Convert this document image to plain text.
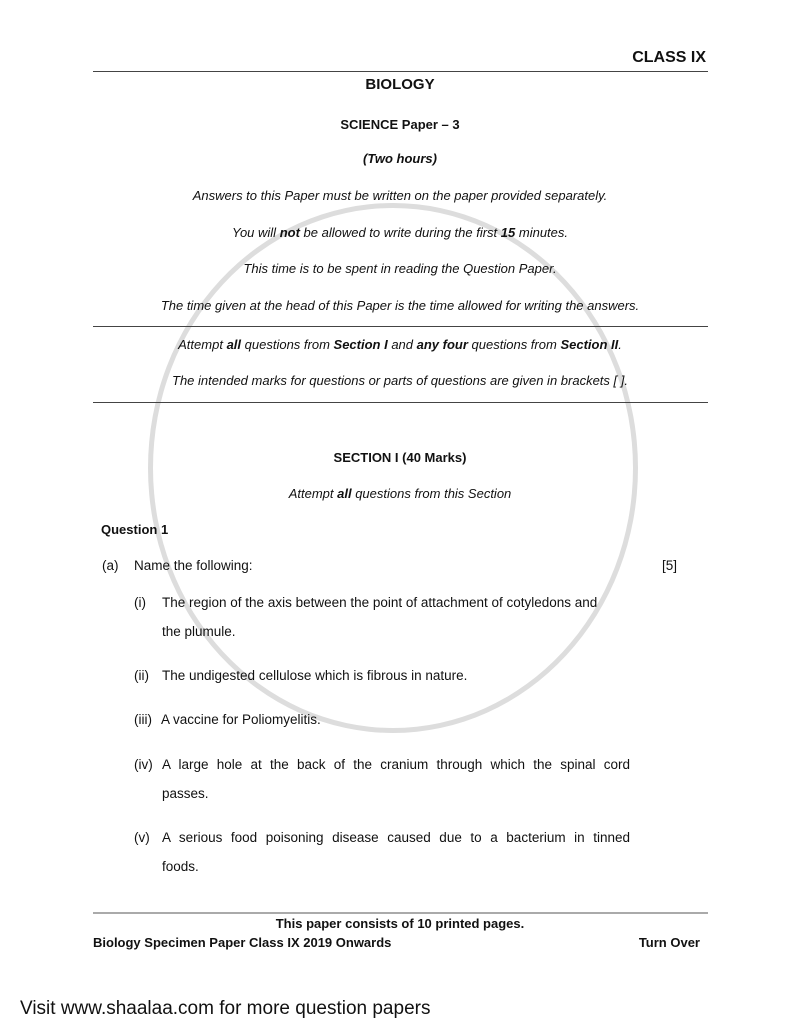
CLASS IX
BIOLOGY
SCIENCE Paper – 3
(Two hours)
Answers to this Paper must be written on the paper provided separately.
You will not be allowed to write during the first 15 minutes.
This time is to be spent in reading the Question Paper.
The time given at the head of this Paper is the time allowed for writing the answers.
Attempt all questions from Section I and any four questions from Section II.
The intended marks for questions or parts of questions are given in brackets [ ].
SECTION I (40 Marks)
Attempt all questions from this Section
Question 1
(a) Name the following:	[5]
(i) The region of the axis between the point of attachment of cotyledons and
the plumule.
(ii) The undigested cellulose which is fibrous in nature.
(iii) A vaccine for Poliomyelitis.
(iv) A large hole at the back of the cranium through which the spinal cord
passes.
(v) A serious food poisoning disease caused due to a bacterium in tinned
foods.
This paper consists of 10 printed pages.
Biology Specimen Paper Class IX 2019 Onwards	Turn Over
Visit www.shaalaa.com for more question papers
